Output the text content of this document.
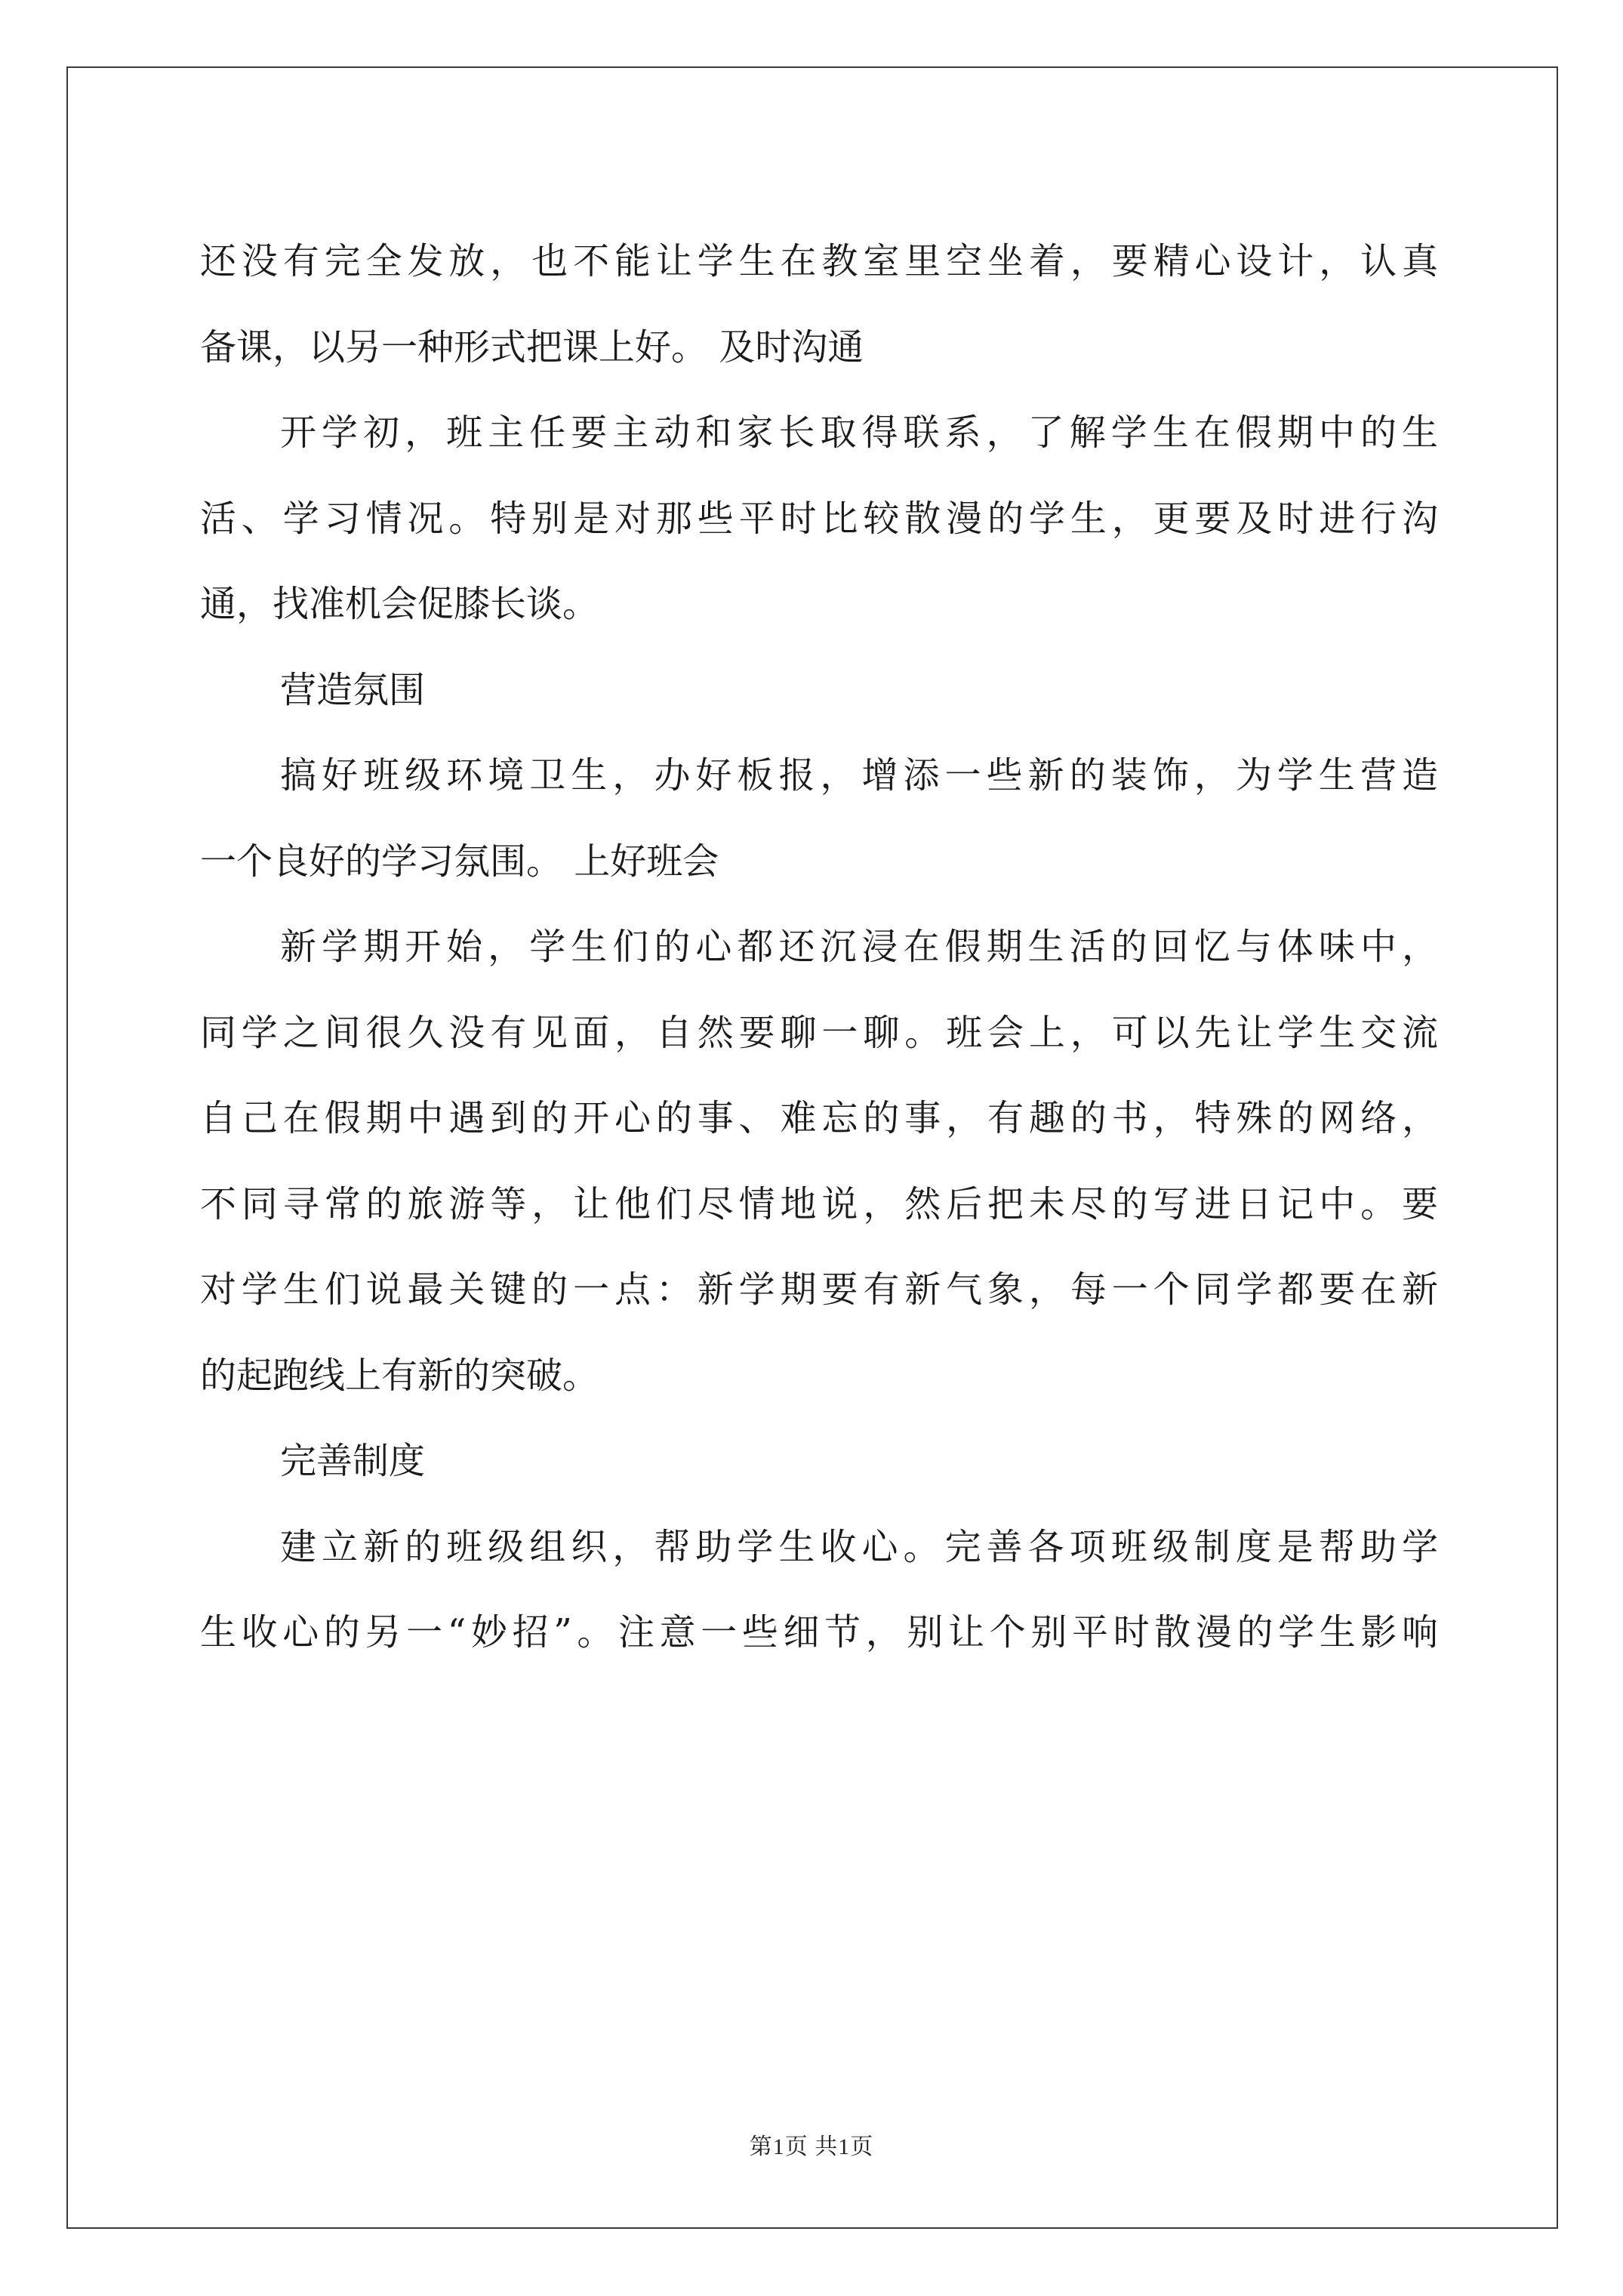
还没有完全发放，也不能让学生在教室里空坐着，要精心设计，认真
备课，以另一种形式把课上好。 及时沟通
开学初，班主任要主动和家长取得联系，了解学生在假期中的生
活、学习情况。特别是对那些平时比较散漫的学生，更要及时进行沟
通，找准机会促膝长谈。
营造氛围
搞好班级环境卫生，办好板报，增添一些新的装饰，为学生营造
一个良好的学习氛围。 上好班会
新学期开始，学生们的心都还沉浸在假期生活的回忆与体味中，
同学之间很久没有见面，自然要聊一聊。班会上，可以先让学生交流
自己在假期中遇到的开心的事、难忘的事，有趣的书，特殊的网络，
不同寻常的旅游等，让他们尽情地说，然后把未尽的写进日记中。要
对学生们说最关键的一点：新学期要有新气象，每一个同学都要在新
的起跑线上有新的突破。
完善制度
建立新的班级组织，帮助学生收心。完善各项班级制度是帮助学
生收心的另一“妙招”。注意一些细节，别让个别平时散漫的学生影响
第1页 共1页
